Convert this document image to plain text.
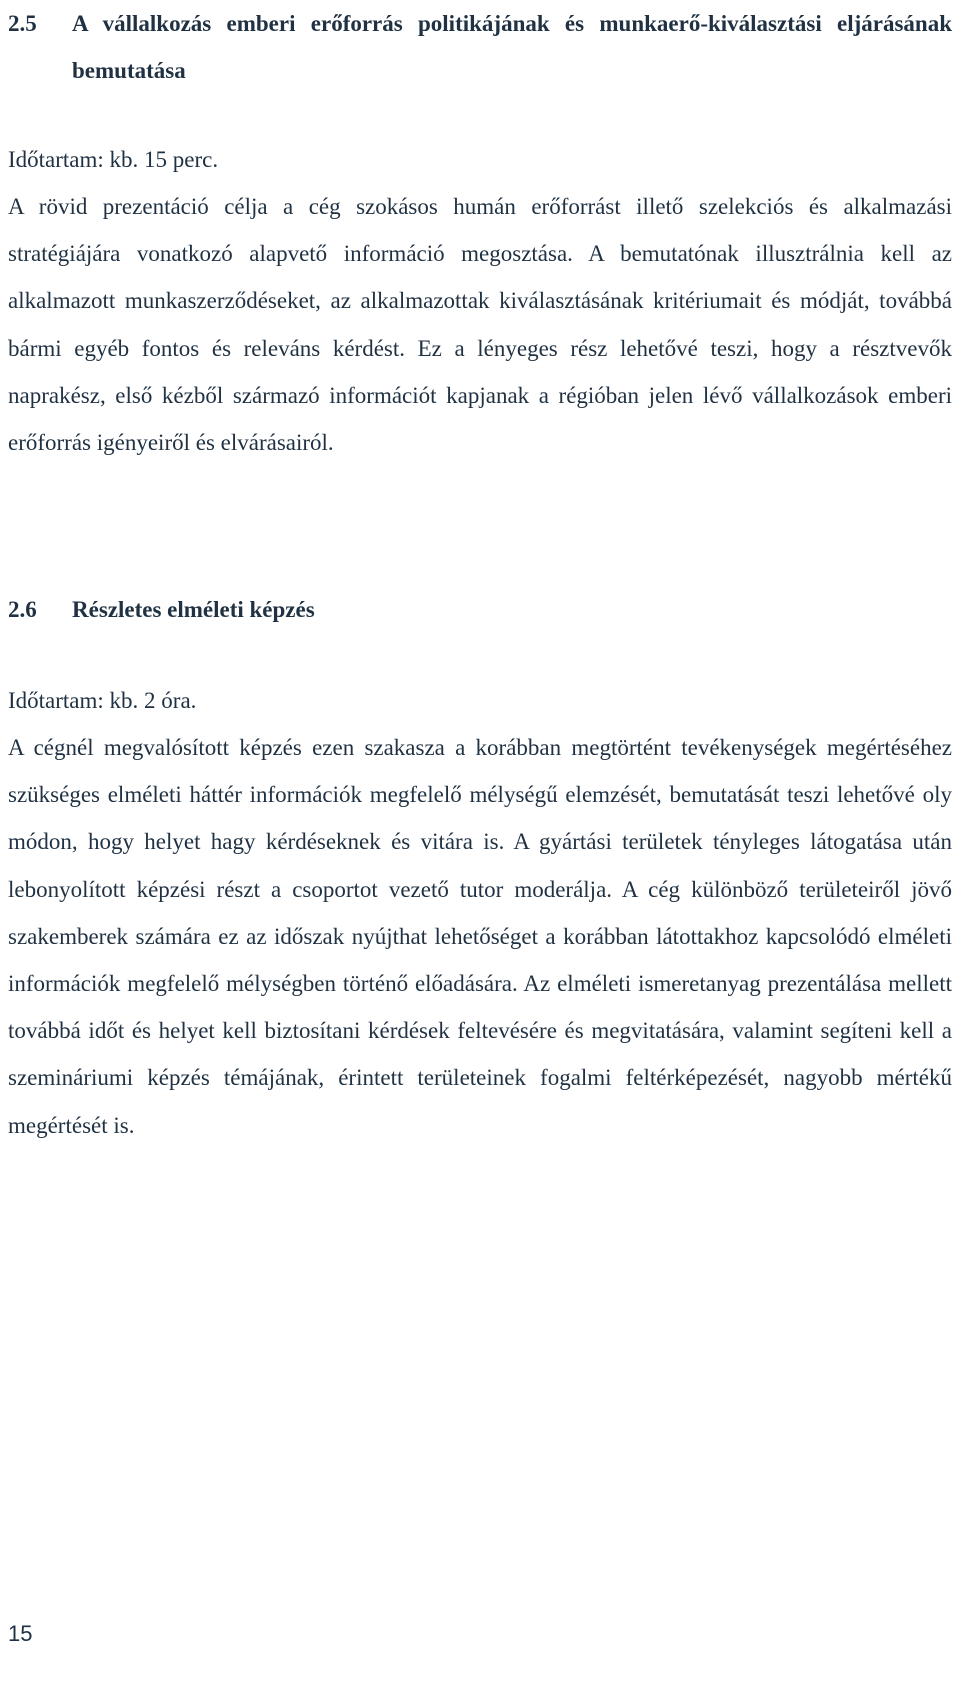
2.5	A vállalkozás emberi erőforrás politikájának és munkaerő-kiválasztási eljárásának bemutatása

Időtartam: kb. 15 perc.

A rövid prezentáció célja a cég szokásos humán erőforrást illető szelekciós és alkalmazási stratégiájára vonatkozó alapvető információ megosztása. A bemutatónak illusztrálnia kell az alkalmazott munkaszerződéseket, az alkalmazottak kiválasztásának kritériumait és módját, továbbá bármi egyéb fontos és releváns kérdést. Ez a lényeges rész lehetővé teszi, hogy a résztvevők naprakész, első kézből származó információt kapjanak a régióban jelen lévő vállalkozások emberi erőforrás igényeiről és elvárásairól.

2.6	Részletes elméleti képzés

Időtartam: kb. 2 óra.

A cégnél megvalósított képzés ezen szakasza a korábban megtörtént tevékenységek megértéséhez szükséges elméleti háttér információk megfelelő mélységű elemzését, bemutatását teszi lehetővé oly módon, hogy helyet hagy kérdéseknek és vitára is. A gyártási területek tényleges látogatása után lebonyolított képzési részt a csoportot vezető tutor moderálja. A cég különböző területeiről jövő szakemberek számára ez az időszak nyújthat lehetőséget a korábban látottakhoz kapcsolódó elméleti információk megfelelő mélységben történő előadására. Az elméleti ismeretanyag prezentálása mellett továbbá időt és helyet kell biztosítani kérdések feltevésére és megvitatására, valamint segíteni kell a szemináriumi képzés témájának, érintett területeinek fogalmi feltérképezését, nagyobb mértékű megértését is.

15
